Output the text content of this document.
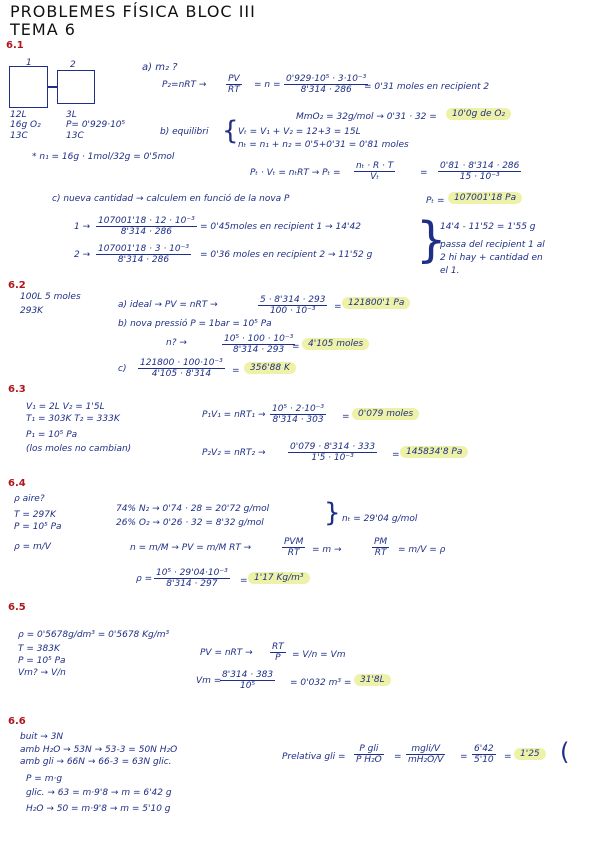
PROBLEMES FÍSICA BLOC III
TEMA 6
6.1
1	2
12L
16g O₂
13C
3L
P= 0'929·10⁵
13C
* n₁ = 16g · 1mol/32g = 0'5mol
a) m₂ ?
$P_2=nRT \to \frac{PV}{RT} = n = \frac{\text{0'929·10⁵ · 3·10⁻³}}{8'314 \cdot 286}$
= 0'31 moles en recipient 2
MmO₂ = 32g/mol → 0'31 · 32 =	10'0g de O₂
b) equilibri { Vₜ = V₁ + V₂ = 12+3 = 15L
nₜ = n₁ + n₂ = 0'5+0'31 = 0'81 moles
$P_t \cdot V_t = n_tRT \to P_t = \frac{\text{nₜ · R · T}}{\text{Vₜ}}$	= $\frac{0'81 \cdot 8'314 \cdot 286}{\text{15 · 10⁻³}}$
Pₜ =	107001'18 Pa
c) nueva cantidad → calculem en funció de la nova P
$1 \to \frac{\text{107001'18 · 12 · 10⁻³}}{8'314 \cdot 286}$ = 0'45moles en recipient 1 → 14'42
$2 \to \frac{\text{107001'18 · 3 · 10⁻³}}{8'314 \cdot 286} = 0'36$ moles en recipient 2 → 11'52 g }
14'4 - 11'52 = 1'55 g
passa del recipient 1 al
2 hi hay + cantidad en
el 1.
6.2
100L 5 moles
293K
a) ideal → PV = nRT →	$\frac{5 \cdot 8'314 \cdot 293}{\text{100 · 10⁻³}} = 121800'1$ Pa
b) nova pressió P = 1bar = 10⁵ Pa
n? →	$\frac{\text{10⁵ · 100 · 10⁻³}}{8'314 \cdot 293}$
= 4'105 moles
$c) \frac{\text{121800 · 100·10⁻³}}{4'105 \cdot 8'314}$ =	356'88 K
6.3
V₁ = 2L V₂ = 1'5L
T₁ = 303K T₂ = 333K
P₁ = 10⁵ Pa
(los moles no cambian)
$P_1V_1 = nRT_1 \to \frac{\text{10⁵ · 2·10⁻³}}{8'314 \cdot 303} = 0'079$ moles
$P_2V_2 = nRT_2 \to \frac{0'079 \cdot 8'314 \cdot 333}{\text{1'5 · 10⁻³}} = 145834'8$ Pa
6.4
ρ aire?
T = 297K
P = 10⁵ Pa
ρ = m/V
74% N₂ → 0'74 · 28 = 20'72 g/mol
26% O₂ → 0'26 · 32 = 8'32 g/mol } nₜ = 29'04 g/mol
n = m/M → PV = m/M RT →
PVM
RT	= m →	$\frac{PM}{RT} = m/V = \rho$
$\rho = \frac{\text{10⁵ · 29'04·10⁻³}}{8'314 \cdot 297} = 1'17$ Kg/m³
6.5
ρ = 0'5678g/dm³ = 0'5678 Kg/m³
T = 383K
P = 10⁵ Pa
Vm? → V/n
PV = nRT → $\frac{RT}{P} = V/n = Vm$
Vm =
$\frac{8'314 \cdot 383}{\text{10⁵}} = 0'032$ m³ = 31'8L
6.6
buit → 3N
amb H₂O → 53N → 53-3 = 50N H₂O
amb gli → 66N → 66-3 = 63N glic.
P = m·g
glic. → 63 = m·9'8 → m = 6'42 g
H₂O → 50 = m·9'8 → m = 5'10 g
Prelativa gli =
P gli
P H₂O =
mgli/V
$mH_2O/V = \frac{6'42}{5'10} = 1'25$ (
